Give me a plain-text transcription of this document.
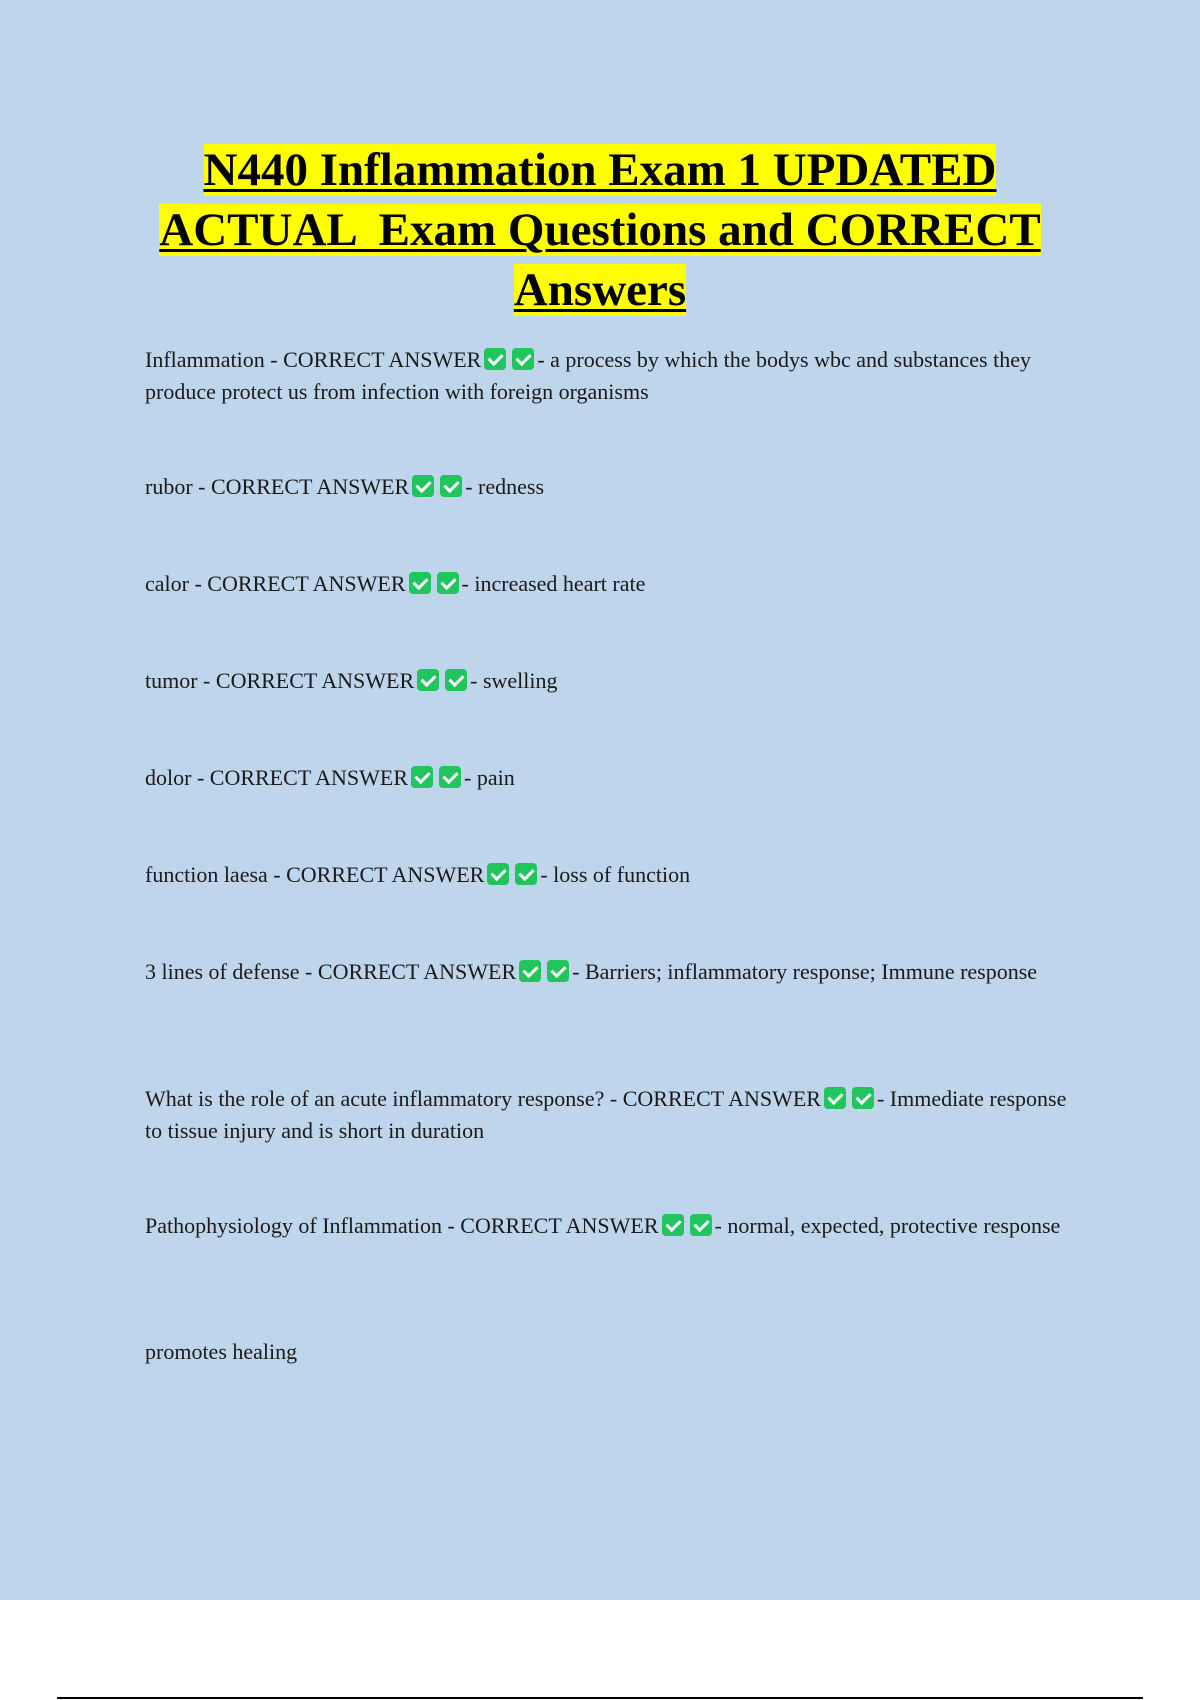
N440 Inflammation Exam 1 UPDATED
ACTUAL  Exam Questions and CORRECT
Answers
Inflammation - CORRECT ANSWER	- a process by which the bodys wbc and substances they produce protect us from infection with foreign organisms
rubor - CORRECT ANSWER	- redness
calor - CORRECT ANSWER	- increased heart rate
tumor - CORRECT ANSWER	- swelling
dolor - CORRECT ANSWER	- pain
function laesa - CORRECT ANSWER	- loss of function
3 lines of defense - CORRECT ANSWER	- Barriers; inflammatory response; Immune response
What is the role of an acute inflammatory response? - CORRECT ANSWER	- Immediate response to tissue injury and is short in duration
Pathophysiology of Inflammation - CORRECT ANSWER	- normal, expected, protective response
promotes healing
